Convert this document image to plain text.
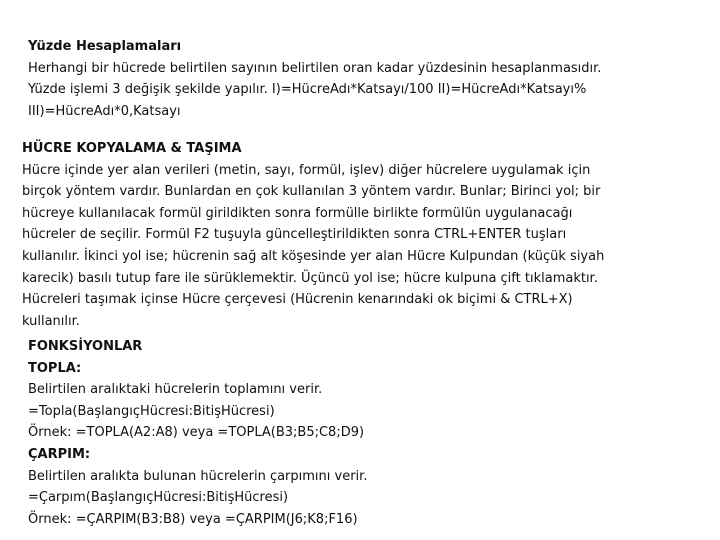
Yüzde Hesaplamaları
Herhangi bir hücrede belirtilen sayının belirtilen oran kadar yüzdesinin hesaplanmasıdır.
Yüzde işlemi 3 değişik şekilde yapılır. I)=HücreAdı*Katsayı/100 II)=HücreAdı*Katsayı%
III)=HücreAdı*0,Katsayı
HÜCRE KOPYALAMA & TAŞIMA
Hücre içinde yer alan verileri (metin, sayı, formül, işlev) diğer hücrelere uygulamak için
birçok yöntem vardır. Bunlardan en çok kullanılan 3 yöntem vardır. Bunlar; Birinci yol; bir
hücreye kullanılacak formül girildikten sonra formülle birlikte formülün uygulanacağı
hücreler de seçilir. Formül F2 tuşuyla güncelleştirildikten sonra CTRL+ENTER tuşları
kullanılır. İkinci yol ise; hücrenin sağ alt köşesinde yer alan Hücre Kulpundan (küçük siyah
karecik) basılı tutup fare ile sürüklemektir. Üçüncü yol ise; hücre kulpuna çift tıklamaktır.
Hücreleri taşımak içinse Hücre çerçevesi (Hücrenin kenarındaki ok biçimi & CTRL+X)
kullanılır.
FONKSİYONLAR
TOPLA:
Belirtilen aralıktaki hücrelerin toplamını verir.
=Topla(BaşlangıçHücresi:BitişHücresi)
Örnek: =TOPLA(A2:A8) veya =TOPLA(B3;B5;C8;D9)
ÇARPIM:
Belirtilen aralıkta bulunan hücrelerin çarpımını verir.
=Çarpım(BaşlangıçHücresi:BitişHücresi)
Örnek: =ÇARPIM(B3:B8) veya =ÇARPIM(J6;K8;F16)
